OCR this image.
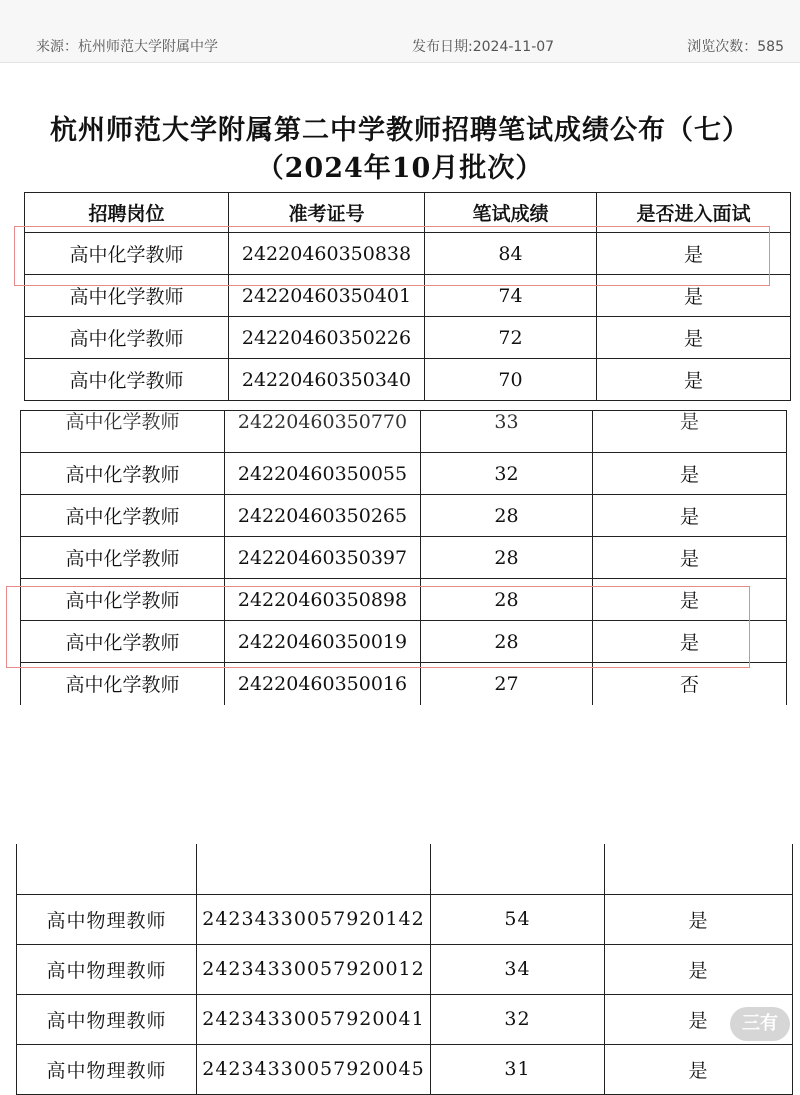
来源：杭州师范大学附属中学	发布日期:2024-11-07	浏览次数：585
杭州师范大学附属第二中学教师招聘笔试成绩公布（七）
（2024年10月批次）
招聘岗位	准考证号	笔试成绩	是否进入面试
高中化学教师	24220460350838	84	是
高中化学教师	24220460350401	74	是
高中化学教师	24220460350226	72	是
高中化学教师	24220460350340	70	是
高中化学教师	24220460350770	33	是

高中化学教师	24220460350055	32	是
高中化学教师	24220460350265	28	是
高中化学教师	24220460350397	28	是
高中化学教师	24220460350898	28	是
高中化学教师	24220460350019	28	是
高中化学教师	24220460350016	27	否

高中物理教师	24234330057920142	54	是
高中物理教师	24234330057920012	34	是
高中物理教师	24234330057920041	32	是
高中物理教师	24234330057920045	31	是
三有
